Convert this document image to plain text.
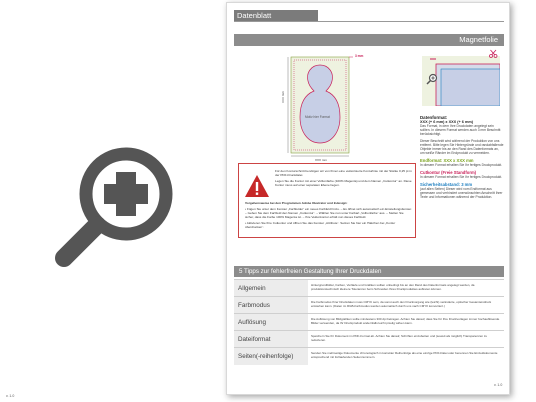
Datenblatt
Magnetfolie
3 mm
XXX mm
XXX mm
Motiv hier Format	Datenformat:
XXX (+ 6 mm) x XXX (+ 6 mm)
Das Format, in dem Ihre Druckdaten angelegt sein sollten. In diesem Format werden auch 3 mm Beschnitt berücksichtigt.
Dieser Beschnitt wird während der Produktion von uns entfernt. Bitte legen Sie Hintergründe und randabfallende Objekte immer bis an den Rand des Datenformats an, um weiße Ränder im Endprodukt zu vermeiden.
Endformat: XXX x XXX mm
In diesem Format erhalten Sie Ihr fertiges Druckprodukt.
Cutkontur (Freie Standform)
In diesem Format erhalten Sie Ihr fertiges Druckprodukt.
Sicherheitsabstand: 3 mm
(auf allen Seiten) Dieser wird vom Endformat aus gemessen und verhindert unerwünschten Anschnitt Ihrer Texte und Informationen während der Produktion.
Für den Konturschnitt benötigen wir von Ihnen eine vektorisierte Konturlinie mit der Stärke 0,25 pt in der PDF-Druckdatei.
Legen Sie die Kontur mit einer Volltonfarbe (100% Magenta) und dem Namen „Cutkontur“ an. Diese Kontur muss auf einer separaten Ebene liegen.
Vorgehensweise bei den Programmen Adobe Illustrator und Indesign:
• Fügen Sie unter dem Fenster „Farbfelder“ ein neues Farbfeld hinzu. – Es öffnet sich automatisch ein Einstellungsfenster. – Geben Sie dem Farbfeld den Namen „Cutkontur“. – Wählen Sie nun unter Farbart „Volltonfarbe“ aus. – Stellen Sie sicher, dass die Farbe 100% Magenta ist. – Ihre Vektorkontur erhält nun dieses Farbfeld.
• Aktivieren Sie Ihre Cutkontur und öffnen Sie das Fenster „Attribute“. Setzen Sie hier ein Häkchen bei „Kontur überdrucken“.
5 Tipps zur fehlerfreien Gestaltung Ihrer Druckdaten
Allgemein	Hintergrundbilder, Farben, Verläufe und Grafiken sollten unbedingt bis an den Rand des Datenformats angelegt werden, da produktionstechnisch kleinere Toleranzen beim Schneiden Ihres Druckproduktes auftreten können.
Farbmodus	Die Farbmodus Ihrer Druckdaten muss CMYK sein, da sonst auch den Druckvorgang wie (leicht) veränderte, optischer Gesamteindruck entstehen kann. (Daten im RGB-Farbmodus werden automatisch durch uns nach CMYK konvertiert.)
Auflösung	Die Auflösung von Bildgrafiken sollte mindestens 300 dpi betragen. Achten Sie darauf, dass Sie für Ihre Druckvorlagen immer hochauflösende Bilder verwenden, da Ihr Druckprodukt andernfalls leicht pixelig wirken kann.
Dateiformat	Speichern Sie Ihr Dokument im PDF-Format ab. Achten Sie darauf, Schriften einzubetten und (soweit als möglich) Transparenzen zu reduzieren.
Seiten(-reihenfolge)	Senden Sie mehrseitige Dokumente chronologisch in korrekter Reihenfolge als eine einzige PDF-Datei oder benennen Sie Einzeldokumente entsprechend mit fortlaufenden Seitennummern.
v. 1.0
v. 1.0
